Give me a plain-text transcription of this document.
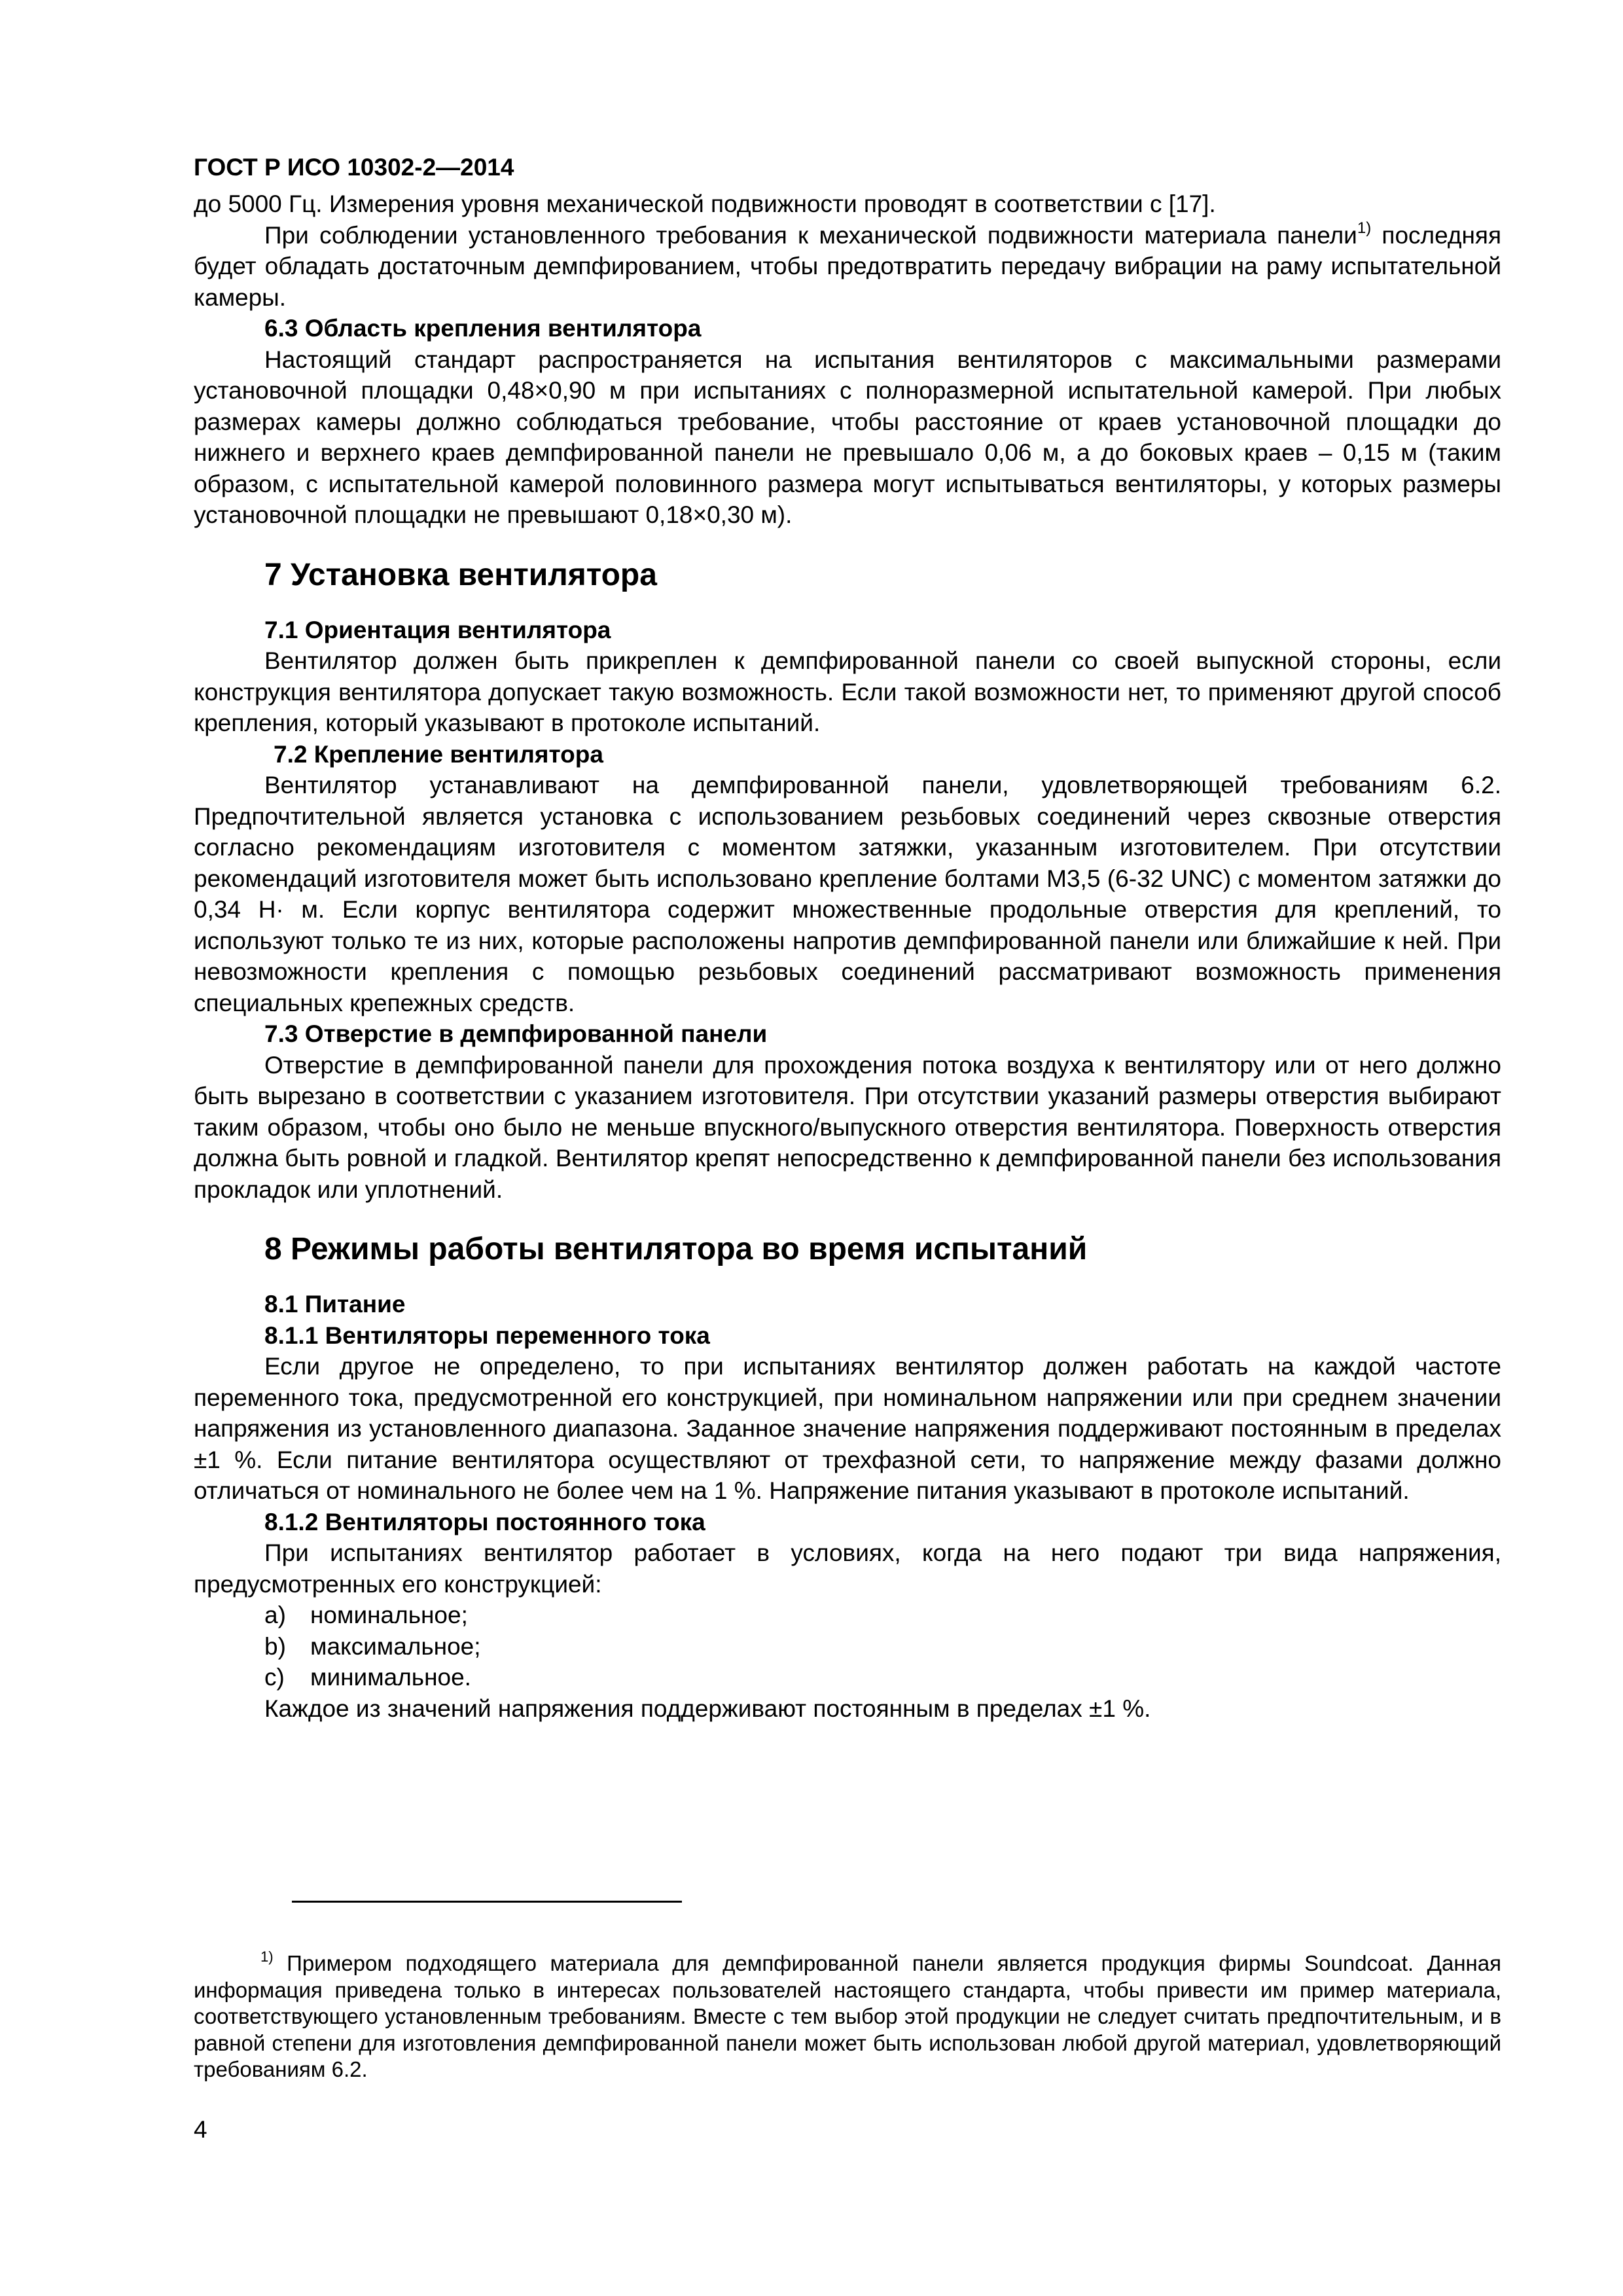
ГОСТ Р ИСО 10302-2—2014

до 5000 Гц. Измерения уровня механической подвижности проводят в соответствии с [17].

При соблюдении установленного требования к механической подвижности материала панели$^{1)}$ последняя будет обладать достаточным демпфированием, чтобы предотвратить передачу вибрации на раму испытательной камеры.

6.3 Область крепления вентилятора

Настоящий стандарт распространяется на испытания вентиляторов с максимальными размерами установочной площадки 0,48×0,90 м при испытаниях с полноразмерной испытательной камерой. При любых размерах камеры должно соблюдаться требование, чтобы расстояние от краев установочной площадки до нижнего и верхнего краев демпфированной панели не превышало 0,06 м, а до боковых краев – 0,15 м (таким образом, с испытательной камерой половинного размера могут испытываться вентиляторы, у которых размеры установочной площадки не превышают 0,18×0,30 м).

7 Установка вентилятора
7.1 Ориентация вентилятора

Вентилятор должен быть прикреплен к демпфированной панели со своей выпускной стороны, если конструкция вентилятора допускает такую возможность. Если такой возможности нет, то применяют другой способ крепления, который указывают в протоколе испытаний.

7.2 Крепление вентилятора

Вентилятор устанавливают на демпфированной панели, удовлетворяющей требованиям 6.2. Предпочтительной является установка с использованием резьбовых соединений через сквозные отверстия согласно рекомендациям изготовителя с моментом затяжки, указанным изготовителем. При отсутствии рекомендаций изготовителя может быть использовано крепление болтами М3,5 (6-32 UNC) с моментом затяжки до 0,34 Н· м. Если корпус вентилятора содержит множественные продольные отверстия для креплений, то используют только те из них, которые расположены напротив демпфированной панели или ближайшие к ней. При невозможности крепления с помощью резьбовых соединений рассматривают возможность применения специальных крепежных средств.

7.3 Отверстие в демпфированной панели

Отверстие в демпфированной панели для прохождения потока воздуха к вентилятору или от него должно быть вырезано в соответствии с указанием изготовителя. При отсутствии указаний размеры отверстия выбирают таким образом, чтобы оно было не меньше впускного/выпускного отверстия вентилятора. Поверхность отверстия должна быть ровной и гладкой. Вентилятор крепят непосредственно к демпфированной панели без использования прокладок или уплотнений.

8 Режимы работы вентилятора во время испытаний
8.1 Питание
8.1.1 Вентиляторы переменного тока

Если другое не определено, то при испытаниях вентилятор должен работать на каждой частоте переменного тока, предусмотренной его конструкцией, при номинальном напряжении или при среднем значении напряжения из установленного диапазона. Заданное значение напряжения поддерживают постоянным в пределах ±1 %. Если питание вентилятора осуществляют от трехфазной сети, то напряжение между фазами должно отличаться от номинального не более чем на 1 %. Напряжение питания указывают в протоколе испытаний.

8.1.2 Вентиляторы постоянного тока

При испытаниях вентилятор работает в условиях, когда на него подают три вида напряжения, предусмотренных его конструкцией:

a) номинальное;
b) максимальное;
c) минимальное.

Каждое из значений напряжения поддерживают постоянным в пределах ±1 %.

$^{1)}$ Примером подходящего материала для демпфированной панели является продукция фирмы Soundcoat. Данная информация приведена только в интересах пользователей настоящего стандарта, чтобы привести им пример материала, соответствующего установленным требованиям. Вместе с тем выбор этой продукции не следует считать предпочтительным, и в равной степени для изготовления демпфированной панели может быть использован любой другой материал, удовлетворяющий требованиям 6.2.
4
